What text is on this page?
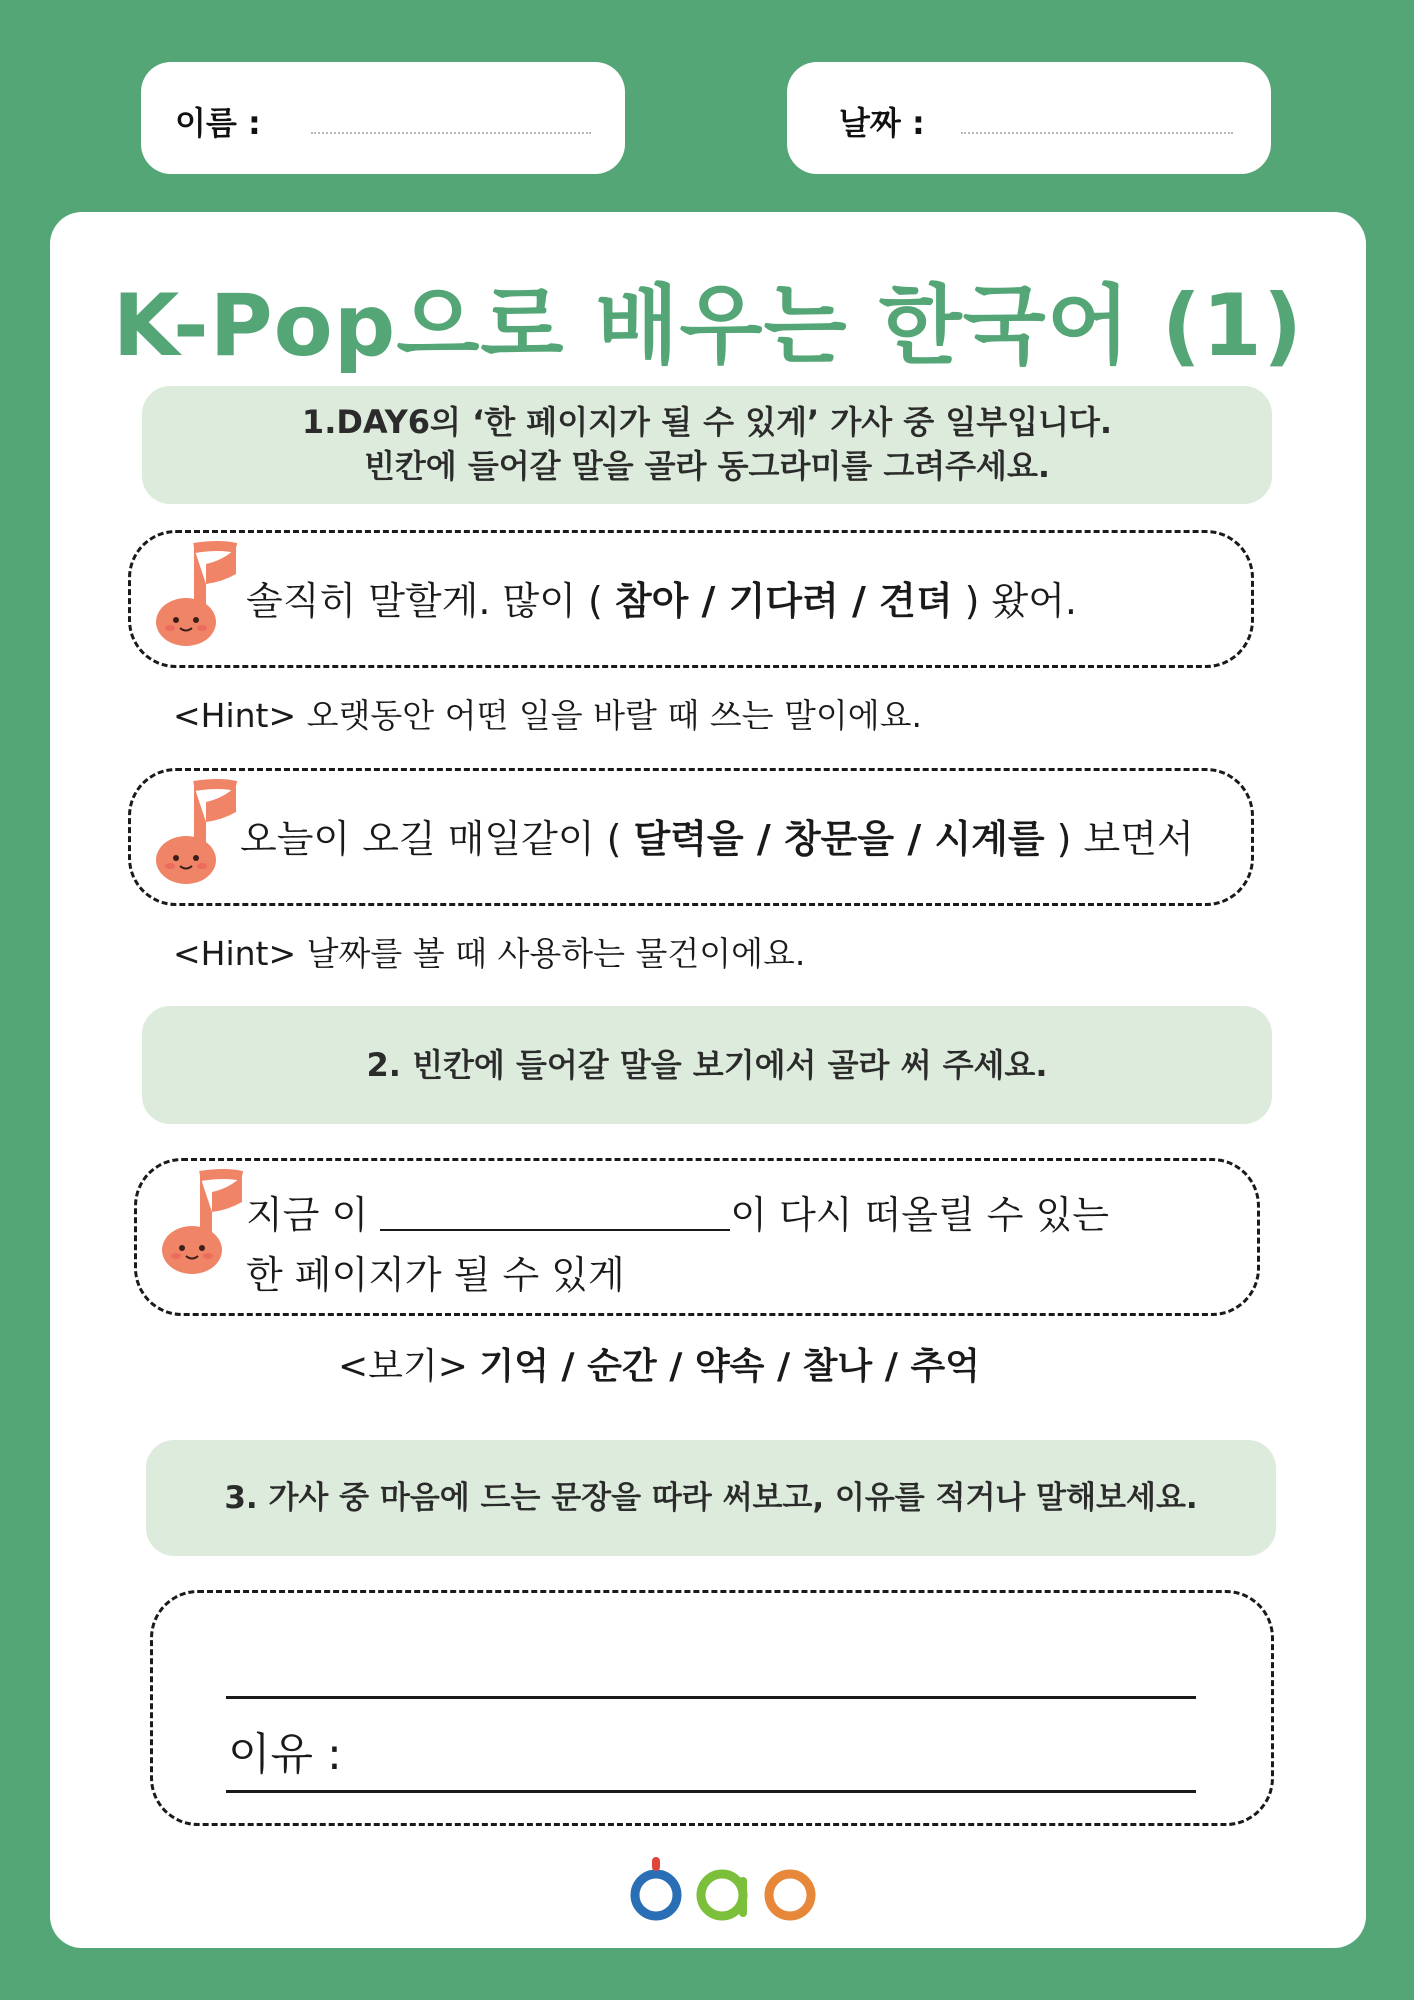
이름 :	날짜 :
K-Pop으로 배우는 한국어 (1)
1.DAY6의 ‘한 페이지가 될 수 있게’ 가사 중 일부입니다.
빈칸에 들어갈 말을 골라 동그라미를 그려주세요.
솔직히 말할게. 많이 ( 참아 / 기다려 / 견뎌 ) 왔어.
<Hint> 오랫동안 어떤 일을 바랄 때 쓰는 말이에요.
오늘이 오길 매일같이 ( 달력을 / 창문을 / 시계를 ) 보면서
<Hint> 날짜를 볼 때 사용하는 물건이에요.
2. 빈칸에 들어갈 말을 보기에서 골라 써 주세요.
지금 이	이 다시 떠올릴 수 있는
한 페이지가 될 수 있게
<보기> 기억 / 순간 / 약속 / 찰나 / 추억
3. 가사 중 마음에 드는 문장을 따라 써보고, 이유를 적거나 말해보세요.
이유 :
